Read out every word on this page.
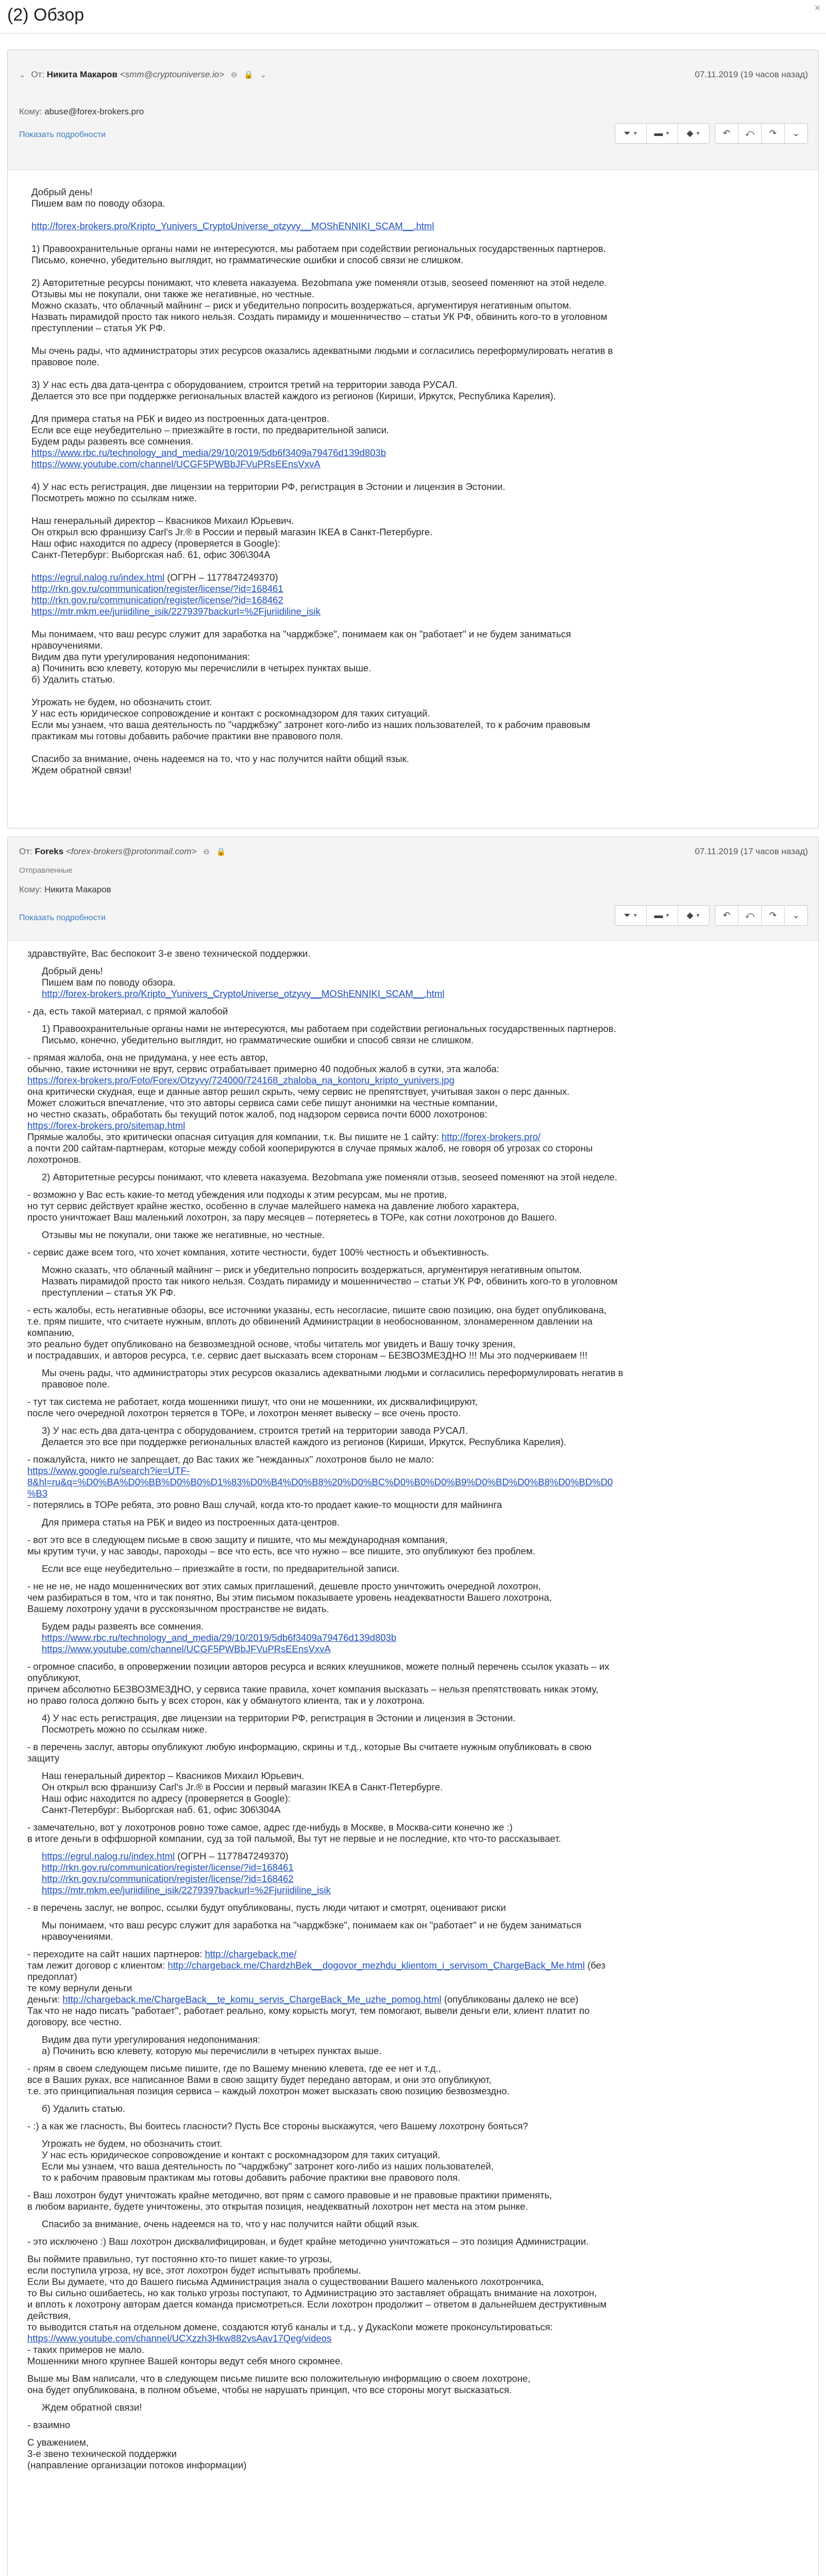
(2) Обзор	✕
⌄ От: Никита Макаров <smm@cryptouniverse.io> ⊖ 🔒 ⌄	07.11.2019 (19 часов назад)
Кому: abuse@forex-brokers.pro
Показать подробности	⏷ ▼ ▬ ▼ ◆ ▼	↶ ⤺ ↷ ⌄
Добрый день!
Пишем вам по поводу обзора.
http://forex-brokers.pro/Kripto_Yunivers_CryptoUniverse_otzyvy__MOShENNIKI_SCAM__.html
1) Правоохранительные органы нами не интересуются, мы работаем при содействии региональных государственных партнеров.
Письмо, конечно, убедительно выглядит, но грамматические ошибки и способ связи не слишком.
2) Авторитетные ресурсы понимают, что клевета наказуема. Bezobmana уже поменяли отзыв, seoseed поменяют на этой неделе.
Отзывы мы не покупали, они также же негативные, но честные.
Можно сказать, что облачный майнинг – риск и убедительно попросить воздержаться, аргументируя негативным опытом.
Назвать пирамидой просто так никого нельзя. Создать пирамиду и мошенничество – статьи УК РФ, обвинить кого-то в уголовном
преступлении – статья УК РФ.
Мы очень рады, что администраторы этих ресурсов оказались адекватными людьми и согласились переформулировать негатив в
правовое поле.
3) У нас есть два дата-центра с оборудованием, строится третий на территории завода РУСАЛ.
Делается это все при поддержке региональных властей каждого из регионов (Кириши, Иркутск, Республика Карелия).
Для примера статья на РБК и видео из построенных дата-центров.
Если все еще неубедительно – приезжайте в гости, по предварительной записи.
Будем рады развеять все сомнения.
https://www.rbc.ru/technology_and_media/29/10/2019/5db6f3409a79476d139d803b
https://www.youtube.com/channel/UCGF5PWBbJFVuPRsEEnsVxvA
4) У нас есть регистрация, две лицензии на территории РФ, регистрация в Эстонии и лицензия в Эстонии.
Посмотреть можно по ссылкам ниже.
Наш генеральный директор – Квасников Михаил Юрьевич.
Он открыл всю франшизу Carl's Jr.® в России и первый магазин IKEA в Санкт-Петербурге.
Наш офис находится по адресу (проверяется в Google):
Санкт-Петербург: Выборгская наб. 61, офис 306\304А
https://egrul.nalog.ru/index.html (ОГРН – 1177847249370)
http://rkn.gov.ru/communication/register/license/?id=168461
http://rkn.gov.ru/communication/register/license/?id=168462
https://mtr.mkm.ee/juriidiline_isik/2279397backurl=%2Fjuriidiline_isik
Мы понимаем, что ваш ресурс служит для заработка на "чарджбэке", понимаем как он "работает" и не будем заниматься
нравоучениями.
Видим два пути урегулирования недопонимания:
а) Починить всю клевету, которую мы перечислили в четырех пунктах выше.
б) Удалить статью.
Угрожать не будем, но обозначить стоит.
У нас есть юридическое сопровождение и контакт с роскомнадзором для таких ситуаций.
Если мы узнаем, что ваша деятельность по "чарджбэку" затронет кого-либо из наших пользователей, то к рабочим правовым
практикам мы готовы добавить рабочие практики вне правового поля.
Спасибо за внимание, очень надеемся на то, что у нас получится найти общий язык.
Ждем обратной связи!
От: Foreks <forex-brokers@protonmail.com> ⊖ 🔒	07.11.2019 (17 часов назад)
Отправленные
Кому: Никита Макаров
Показать подробности	⏷ ▼ ▬ ▼ ◆ ▼	↶ ⤺ ↷ ⌄
здравствуйте, Вас беспокоит 3-е звено технической поддержки.
Добрый день!
Пишем вам по поводу обзора.
http://forex-brokers.pro/Kripto_Yunivers_CryptoUniverse_otzyvy__MOShENNIKI_SCAM__.html
- да, есть такой материал, с прямой жалобой
1) Правоохранительные органы нами не интересуются, мы работаем при содействии региональных государственных партнеров.
Письмо, конечно, убедительно выглядит, но грамматические ошибки и способ связи не слишком.
- прямая жалоба, она не придумана, у нее есть автор,
обычно, такие источники не врут, сервис отрабатывает примерно 40 подобных жалоб в сутки, эта жалоба:
https://forex-brokers.pro/Foto/Forex/Otzyvy/724000/724168_zhaloba_na_kontoru_kripto_yunivers.jpg
она критически скудная, еще и данные автор решил скрыть, чему сервис не препятствует, учитывая закон о перс данных.
Может сложиться впечатление, что это авторы сервиса сами себе пишут анонимки на честные компании,
но честно сказать, обработать бы текущий поток жалоб, под надзором сервиса почти 6000 лохотронов:
https://forex-brokers.pro/sitemap.html
Прямые жалобы, это критически опасная ситуация для компании, т.к. Вы пишите не 1 сайту: http://forex-brokers.pro/
а почти 200 сайтам-партнерам, которые между собой кооперируются в случае прямых жалоб, не говоря об угрозах со стороны
лохотронов.
2) Авторитетные ресурсы понимают, что клевета наказуема. Bezobmana уже поменяли отзыв, seoseed поменяют на этой неделе.
- возможно у Вас есть какие-то метод убеждения или подходы к этим ресурсам, мы не против,
но тут сервис действует крайне жестко, особенно в случае малейшего намека на давление любого характера,
просто уничтожает Ваш маленький лохотрон, за пару месяцев – потеряетесь в ТОРе, как сотни лохотронов до Вашего.
Отзывы мы не покупали, они также же негативные, но честные.
- сервис даже всем того, что хочет компания, хотите честности, будет 100% честность и объективность.
Можно сказать, что облачный майнинг – риск и убедительно попросить воздержаться, аргументируя негативным опытом.
Назвать пирамидой просто так никого нельзя. Создать пирамиду и мошенничество – статьи УК РФ, обвинить кого-то в уголовном
преступлении – статья УК РФ.
- есть жалобы, есть негативные обзоры, все источники указаны, есть несогласие, пишите свою позицию, она будет опубликована,
т.е. прям пишите, что считаете нужным, вплоть до обвинений Администрации в необоснованном, злонамеренном давлении на
компанию,
это реально будет опубликовано на безвозмездной основе, чтобы читатель мог увидеть и Вашу точку зрения,
и пострадавших, и авторов ресурса, т.е. сервис дает высказать всем сторонам – БЕЗВОЗМЕЗДНО !!! Мы это подчеркиваем !!!
Мы очень рады, что администраторы этих ресурсов оказались адекватными людьми и согласились переформулировать негатив в
правовое поле.
- тут так система не работает, когда мошенники пишут, что они не мошенники, их дисквалифицируют,
после чего очередной лохотрон теряется в ТОРе, и лохотрон меняет вывеску – все очень просто.
3) У нас есть два дата-центра с оборудованием, строится третий на территории завода РУСАЛ.
Делается это все при поддержке региональных властей каждого из регионов (Кириши, Иркутск, Республика Карелия).
- пожалуйста, никто не запрещает, до Вас таких же "нежданных" лохотронов было не мало:
https://www.google.ru/search?ie=UTF-
8&hl=ru&q=%D0%BA%D0%BB%D0%B0%D1%83%D0%B4%D0%B8%20%D0%BC%D0%B0%D0%B9%D0%BD%D0%B8%D0%BD%D0
%B3
- потерялись в ТОРе ребята, это ровно Ваш случай, когда кто-то продает какие-то мощности для майнинга
Для примера статья на РБК и видео из построенных дата-центров.
- вот это все в следующем письме в свою защиту и пишите, что мы международная компания,
мы крутим тучи, у нас заводы, пароходы – все что есть, все что нужно – все пишите, это опубликуют без проблем.
Если все еще неубедительно – приезжайте в гости, по предварительной записи.
- не не не, не надо мошеннических вот этих самых приглашений, дешевле просто уничтожить очередной лохотрон,
чем разбираться в том, что и так понятно, Вы этим письмом показываете уровень неадекватности Вашего лохотрона,
Вашему лохотрону удачи в русскоязычном пространстве не видать.
Будем рады развеять все сомнения.
https://www.rbc.ru/technology_and_media/29/10/2019/5db6f3409a79476d139d803b
https://www.youtube.com/channel/UCGF5PWBbJFVuPRsEEnsVxvA
- огромное спасибо, в опровержении позиции авторов ресурса и всяких клеушников, можете полный перечень ссылок указать – их
опубликуют,
причем абсолютно БЕЗВОЗМЕЗДНО, у сервиса такие правила, хочет компания высказать – нельзя препятствовать никак этому,
но право голоса должно быть у всех сторон, как у обманутого клиента, так и у лохотрона.
4) У нас есть регистрация, две лицензии на территории РФ, регистрация в Эстонии и лицензия в Эстонии.
Посмотреть можно по ссылкам ниже.
- в перечень заслуг, авторы опубликуют любую информацию, скрины и т.д., которые Вы считаете нужным опубликовать в свою
защиту
Наш генеральный директор – Квасников Михаил Юрьевич.
Он открыл всю франшизу Carl's Jr.® в России и первый магазин IKEA в Санкт-Петербурге.
Наш офис находится по адресу (проверяется в Google):
Санкт-Петербург: Выборгская наб. 61, офис 306\304А
- замечательно, вот у лохотронов ровно тоже самое, адрес где-нибудь в Москве, в Москва-сити конечно же :)
в итоге деньги в оффшорной компании, суд за той пальмой, Вы тут не первые и не последние, кто что-то рассказывает.
https://egrul.nalog.ru/index.html (ОГРН – 1177847249370)
http://rkn.gov.ru/communication/register/license/?id=168461
http://rkn.gov.ru/communication/register/license/?id=168462
https://mtr.mkm.ee/juriidiline_isik/2279397backurl=%2Fjuriidiline_isik
- в перечень заслуг, не вопрос, ссылки будут опубликованы, пусть люди читают и смотрят, оценивают риски
Мы понимаем, что ваш ресурс служит для заработка на "чарджбэке", понимаем как он "работает" и не будем заниматься
нравоучениями.
- переходите на сайт наших партнеров: http://chargeback.me/
там лежит договор с клиентом: http://chargeback.me/ChardzhBek__dogovor_mezhdu_klientom_i_servisom_ChargeBack_Me.html (без
предоплат)
те кому вернули деньги
деньги: http://chargeback.me/ChargeBack__te_komu_servis_ChargeBack_Me_uzhe_pomog.html (опубликованы далеко не все)
Так что не надо писать "работает", работает реально, кому корысть могут, тем помогают, вывели деньги ели, клиент платит по
договору, все честно.
Видим два пути урегулирования недопонимания:
а) Починить всю клевету, которую мы перечислили в четырех пунктах выше.
- прям в своем следующем письме пишите, где по Вашему мнению клевета, где ее нет и т.д.,
все в Ваших руках, все написанное Вами в свою защиту будет передано авторам, и они это опубликуют,
т.е. это принципиальная позиция сервиса – каждый лохотрон может высказать свою позицию безвозмездно.
б) Удалить статью.
- :) а как же гласность, Вы боитесь гласности? Пусть Все стороны выскажутся, чего Вашему лохотрону бояться?
Угрожать не будем, но обозначить стоит.
У нас есть юридическое сопровождение и контакт с роскомнадзором для таких ситуаций.
Если мы узнаем, что ваша деятельность по "чарджбэку" затронет кого-либо из наших пользователей,
то к рабочим правовым практикам мы готовы добавить рабочие практики вне правового поля.
- Ваш лохотрон будут уничтожать крайне методично, вот прям с самого правовые и не правовые практики применять,
в любом варианте, будете уничтожены, это открытая позиция, неадекватный лохотрон нет места на этом рынке.
Спасибо за внимание, очень надеемся на то, что у нас получится найти общий язык.
- это исключено :) Ваш лохотрон дисквалифицирован, и будет крайне методично уничтожаться – это позиция Администрации.
Вы поймите правильно, тут постоянно кто-то пишет какие-то угрозы,
если поступила угроза, ну все, этот лохотрон будет испытывать проблемы.
Если Вы думаете, что до Вашего письма Администрация знала о существовании Вашего маленького лохотрончика,
то Вы сильно ошибаетесь, но как только угрозы поступают, то Администрацию это заставляет обращать внимание на лохотрон,
и вплоть к лохотрону авторам дается команда присмотреться. Если лохотрон продолжит – ответом в дальнейшем деструктивным
действия,
то выводится статья на отдельном домене, создаются ютуб каналы и т.д., у ДукасКопи можете проконсультироваться:
https://www.youtube.com/channel/UCXzzh3Hkw882vsAav17Qeg/videos
- таких примеров не мало.
Мошенники много крупнее Вашей конторы ведут себя много скромнее.
Выше мы Вам написали, что в следующем письме пишите всю положительную информацию о своем лохотроне,
она будет опубликована, в полном объеме, чтобы не нарушать принцип, что все стороны могут высказаться.
Ждем обратной связи!
- взаимно
С уважением,
3-е звено технической поддержки
(направление организации потоков информации)
